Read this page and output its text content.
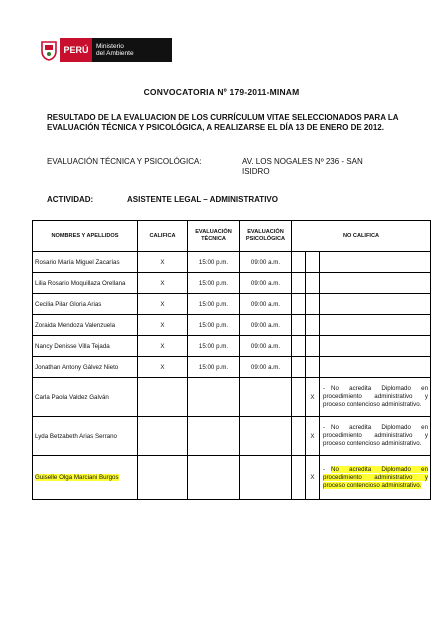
PERÚ	Ministerio
del Ambiente
CONVOCATORIA Nº 179-2011-MINAM
RESULTADO DE LA EVALUACION DE LOS CURRÍCULUM VITAE SELECCIONADOS PARA LA EVALUACIÓN TÉCNICA Y PSICOLÓGICA, A REALIZARSE EL DÍA 13 DE ENERO DE 2012.
EVALUACIÓN TÉCNICA Y PSICOLÓGICA:	AV. LOS NOGALES Nº 236 - SAN ISIDRO
ACTIVIDAD:	ASISTENTE LEGAL – ADMINISTRATIVO
NOMBRES Y APELLIDOS	CALIFICA	EVALUACIÓN TÉCNICA	EVALUACIÓN PSICOLÓGICA	NO CALIFICA		
Rosario María Miguel Zacarías	X	15:00 p.m.	09:00 a.m.			
Lilia Rosario Moquillaza Orellana	X	15:00 p.m.	09:00 a.m.			
Cecilia Pilar Gloria Arias	X	15:00 p.m.	09:00 a.m.			
Zoraida Mendoza Valenzuela	X	15:00 p.m.	09:00 a.m.			
Nancy Denisse Villa Tejada	X	15:00 p.m.	09:00 a.m.			
Jonathan Antony Gálvez Nieto	X	15:00 p.m.	09:00 a.m.			
Carla Paola Valdez Galván					X	- No acredita Diplomado en procedimiento administrativo y proceso contencioso administrativo.
Lyda Betzabeth Arias Serrano					X	- No acredita Diplomado en procedimiento administrativo y proceso contencioso administrativo.
Guiselle Olga Marciani Burgos					X	- No acredita Diplomado en procedimiento administrativo y proceso contencioso administrativo.
